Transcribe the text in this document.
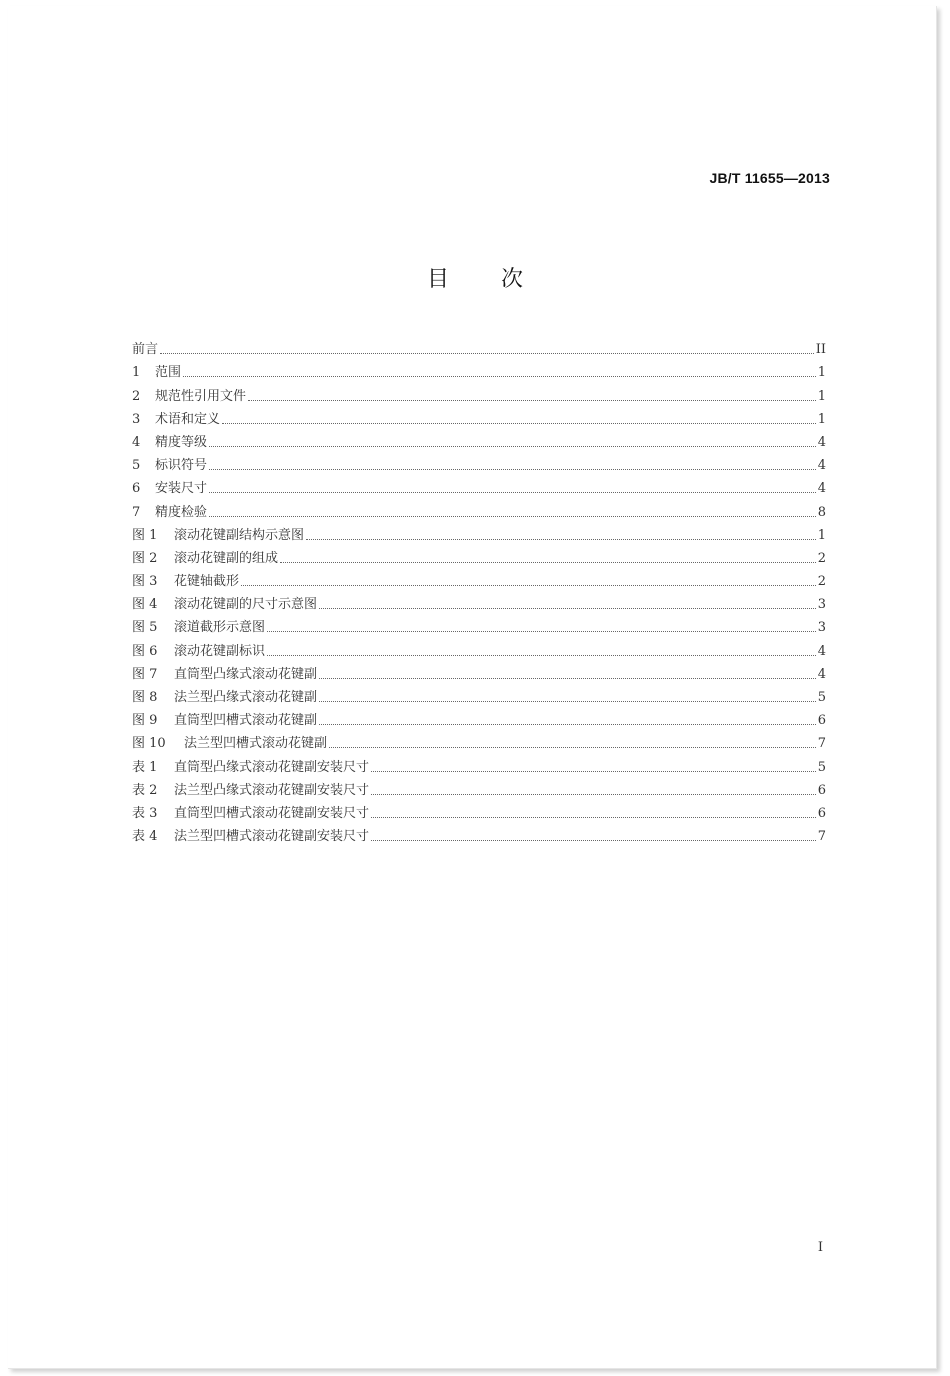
JB/T 11655—2013
目 次
前言	II
1	范围	1
2	规范性引用文件	1
3	术语和定义	1
4	精度等级	4
5	标识符号	4
6	安装尺寸	4
7	精度检验	8
图 1	滚动花键副结构示意图	1
图 2	滚动花键副的组成	2
图 3	花键轴截形	2
图 4	滚动花键副的尺寸示意图	3
图 5	滚道截形示意图	3
图 6	滚动花键副标识	4
图 7	直筒型凸缘式滚动花键副	4
图 8	法兰型凸缘式滚动花键副	5
图 9	直筒型凹槽式滚动花键副	6
图 10	法兰型凹槽式滚动花键副	7
表 1	直筒型凸缘式滚动花键副安装尺寸	5
表 2	法兰型凸缘式滚动花键副安装尺寸	6
表 3	直筒型凹槽式滚动花键副安装尺寸	6
表 4	法兰型凹槽式滚动花键副安装尺寸	7
I
